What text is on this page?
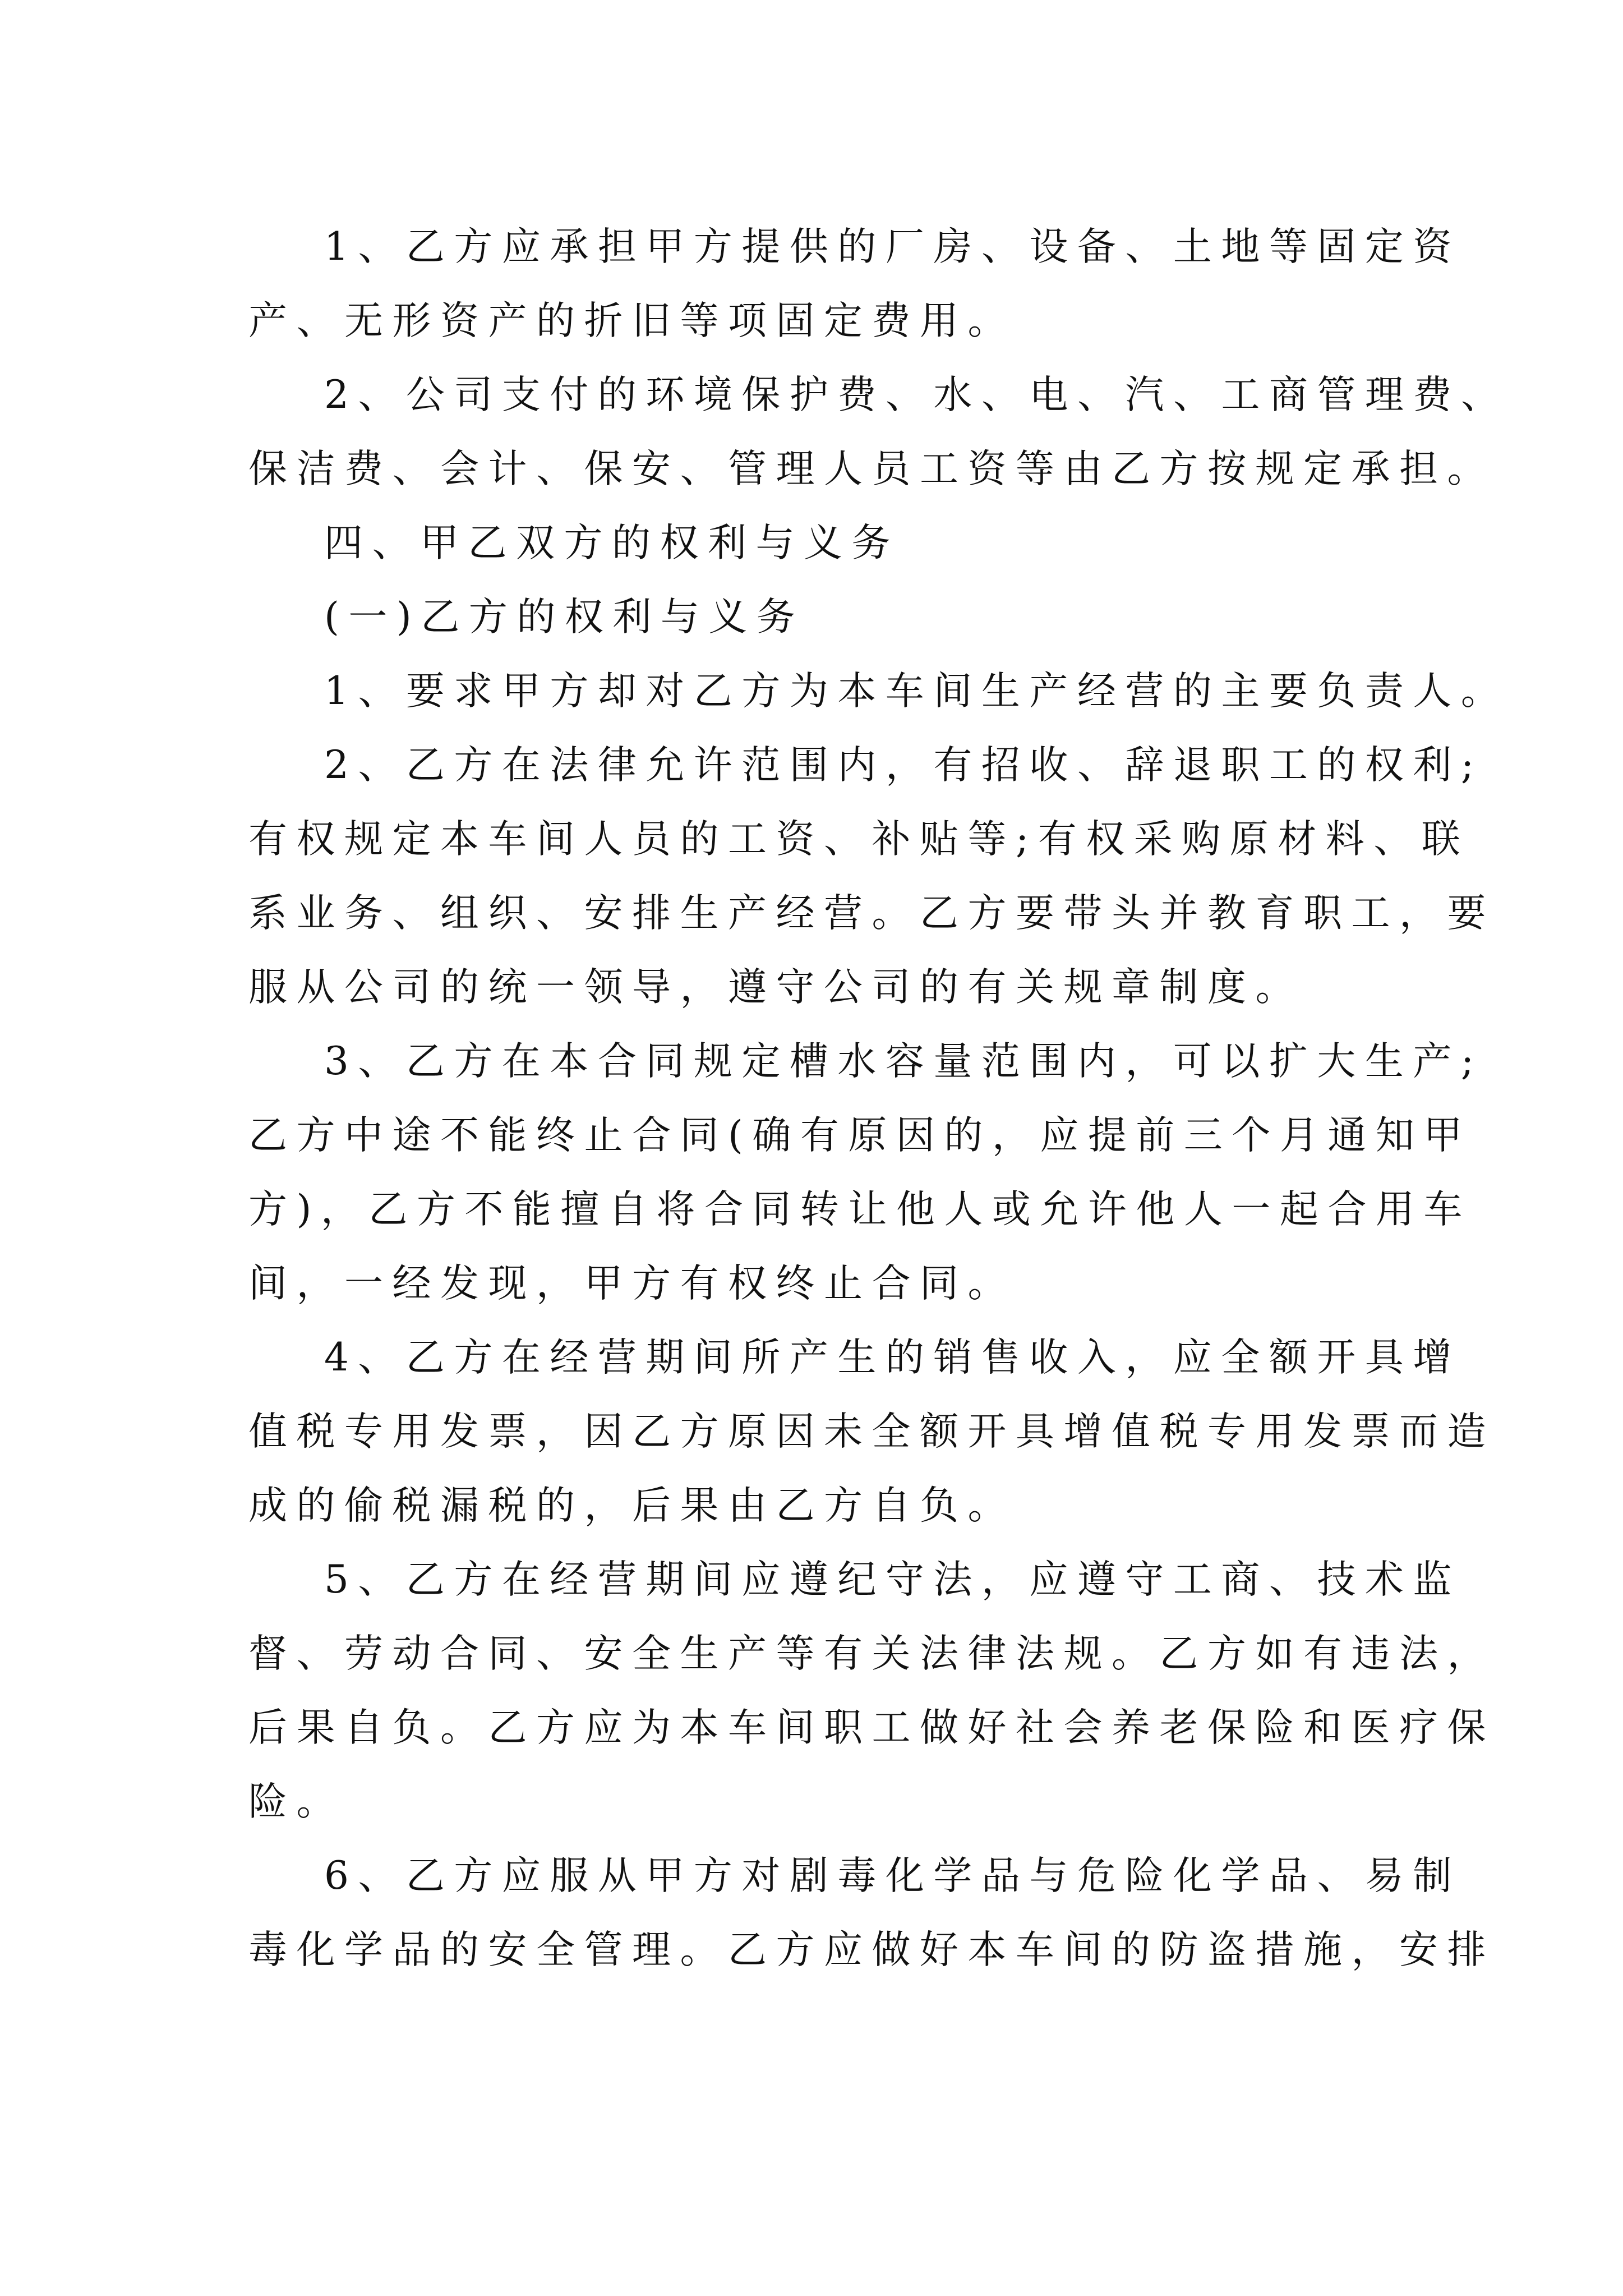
1、乙方应承担甲方提供的厂房、设备、土地等固定资
产、无形资产的折旧等项固定费用。
2、公司支付的环境保护费、水、电、汽、工商管理费、
保洁费、会计、保安、管理人员工资等由乙方按规定承担。
四、甲乙双方的权利与义务
(一)乙方的权利与义务
1、要求甲方却对乙方为本车间生产经营的主要负责人。
2、乙方在法律允许范围内，有招收、辞退职工的权利;
有权规定本车间人员的工资、补贴等;有权采购原材料、联
系业务、组织、安排生产经营。乙方要带头并教育职工，要
服从公司的统一领导，遵守公司的有关规章制度。
3、乙方在本合同规定槽水容量范围内，可以扩大生产;
乙方中途不能终止合同(确有原因的，应提前三个月通知甲
方)，乙方不能擅自将合同转让他人或允许他人一起合用车
间，一经发现，甲方有权终止合同。
4、乙方在经营期间所产生的销售收入，应全额开具增
值税专用发票，因乙方原因未全额开具增值税专用发票而造
成的偷税漏税的，后果由乙方自负。
5、乙方在经营期间应遵纪守法，应遵守工商、技术监
督、劳动合同、安全生产等有关法律法规。乙方如有违法，
后果自负。乙方应为本车间职工做好社会养老保险和医疗保
险。
6、乙方应服从甲方对剧毒化学品与危险化学品、易制
毒化学品的安全管理。乙方应做好本车间的防盗措施，安排
